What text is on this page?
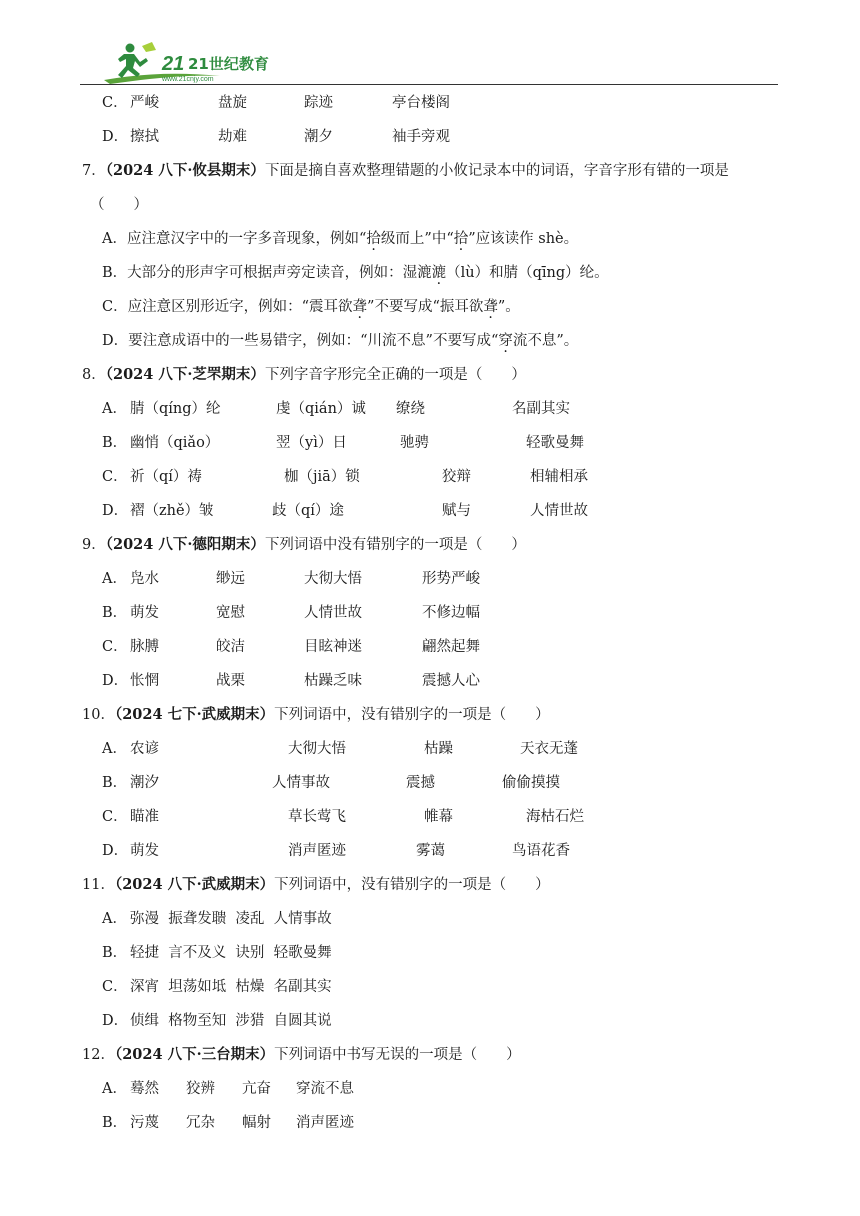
21 21世纪教育
www.21cnjy.com
C． 严峻	盘旋	踪迹	亭台楼阁
D． 擦拭	劫难	潮夕	袖手旁观
7．（2024 八下·攸县期末）下面是摘自喜欢整理错题的小攸记录本中的词语，字音字形有错的一项是
（　　）
A．应注意汉字中的一字多音现象，例如“拾级而上”中“拾”应该读作 shè。
B．大部分的形声字可根据声旁定读音，例如：湿漉漉（lù）和腈（qīng）纶。
C．应注意区别形近字，例如：“震耳欲聋”不要写成“振耳欲聋”。
D．要注意成语中的一些易错字，例如：“川流不息”不要写成“穿流不息”。
8．（2024 八下·芝罘期末）下列字音字形完全正确的一项是（　　）
A． 腈（qíng）纶	虔（qián）诚 缭绕	名副其实
B． 幽悄（qiǎo）	翌（yì）日	驰骋	轻歌曼舞
C． 祈（qí）祷	枷（jiā）锁	狡辩	相辅相承
D． 褶（zhě）皱	歧（qí）途	赋与	人情世故
9．（2024 八下·德阳期末）下列词语中没有错别字的一项是（　　）
A． 凫水	缈远	大彻大悟	形势严峻
B． 萌发	宽慰	人情世故	不修边幅
C． 脉膊	皎洁	目眩神迷	翩然起舞
D． 怅惘	战栗	枯躁乏味	震撼人心
10．（2024 七下·武威期末）下列词语中，没有错别字的一项是（　　）
A． 农谚	大彻大悟	枯躁	天衣无蓬
B． 潮汐	人情事故	震撼	偷偷摸摸
C． 瞄准	草长莺飞	帷幕	海枯石烂
D． 萌发	消声匿迹	雾蔼	鸟语花香
11．（2024 八下·武威期末）下列词语中，没有错别字的一项是（　　）
A． 弥漫  振聋发聩  凌乱  人情事故
B． 轻捷  言不及义  诀别  轻歌曼舞
C． 深宵  坦荡如坻  枯燥  名副其实
D． 侦缉  格物至知  涉猎  自圆其说
12．（2024 八下·三台期末）下列词语中书写无误的一项是（　　）
A． 蓦然 狡辨 亢奋 穿流不息
B． 污蔑 冗杂 幅射 消声匿迹
